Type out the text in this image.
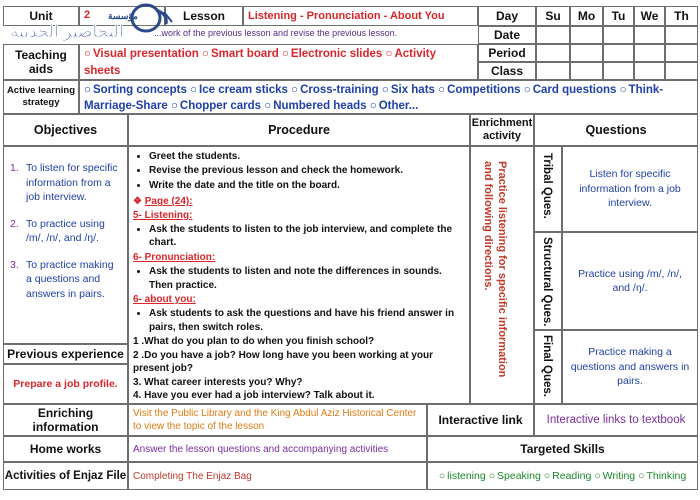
Unit	2	Lesson	Listening - Pronunciation - About You
...work of the previous lesson and revise the previous lesson.
Day	Su	Mo	Tu	We	Th
Date
Period
Class
مؤسسة
التحاضير الحديثة
Teaching aids
○ Visual presentation ○ Smart board ○ Electronic slides ○ Activity sheets

Active learning strategy
○ Sorting concepts ○ Ice cream sticks ○ Cross-training ○ Six hats ○ Competitions ○ Card questions ○ Think-Marriage-Share ○ Chopper cards ○ Numbered heads ○ Other...
Objectives	Procedure	Enrichment activity	Questions
1. To listen for specific information from a job interview.
2. To practice using /m/, /n/, and /ŋ/.
3. To practice making a questions and answers in pairs.
Previous experience
Prepare a job profile.
• Greet the students.
• Revise the previous lesson and check the homework.
• Write the date and the title on the board.
❖ Page (24):
5- Listening:
• Ask the students to listen to the job interview, and complete the chart.
6- Pronunciation:
• Ask the students to listen and note the differences in sounds. Then practice.
6- about you:
• Ask students to ask the questions and have his friend answer in pairs, then switch roles.
1 .What do you plan to do when you finish school?
2 .Do you have a job? How long have you been working at your present job?
3. What career interests you? Why?
4. Have you ever had a job interview? Talk about it.
Practice listening for specific information and following directions.	Tribal Ques.	Listen for specific information from a job interview.
Structural Ques.	Practice using /m/, /n/, and /ŋ/.
Final Ques.	Practice making a questions and answers in pairs.
Enriching information
Visit the Public Library and the King Abdul Aziz Historical Center to view the topic of the lesson	Interactive link	Interactive links to textbook
Home works	Answer the lesson questions and accompanying activities	Targeted Skills
Activities of Enjaz File Completing The Enjaz Bag	○ listening	○ Speaking	○ Reading	○ Writing	○ Thinking
